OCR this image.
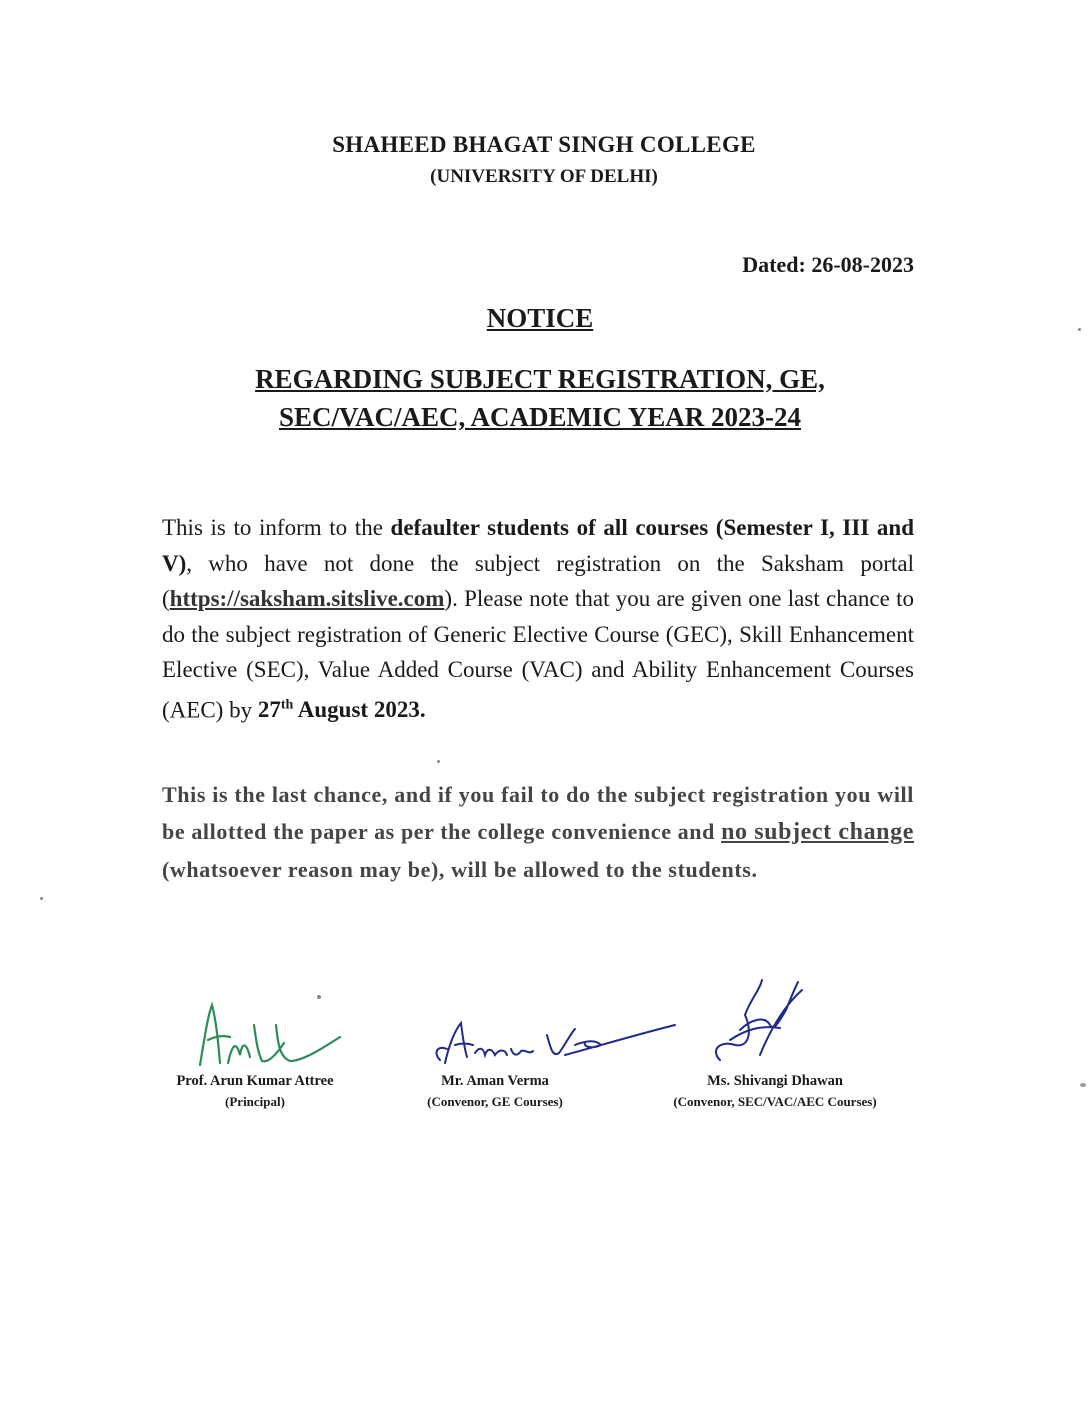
SHAHEED BHAGAT SINGH COLLEGE
(UNIVERSITY OF DELHI)
Dated: 26-08-2023
NOTICE
REGARDING SUBJECT REGISTRATION, GE,
SEC/VAC/AEC, ACADEMIC YEAR 2023-24
This is to inform to the defaulter students of all courses (Semester I, III and V), who have not done the subject registration on the Saksham portal (https://saksham.sitslive.com). Please note that you are given one last chance to do the subject registration of Generic Elective Course (GEC), Skill Enhancement Elective (SEC), Value Added Course (VAC) and Ability Enhancement Courses (AEC) by 27th August 2023.
This is the last chance, and if you fail to do the subject registration you will be allotted the paper as per the college convenience and no subject change (whatsoever reason may be), will be allowed to the students.
Prof. Arun Kumar Attree
(Principal)
Mr. Aman Verma
(Convenor, GE Courses)
Ms. Shivangi Dhawan
(Convenor, SEC/VAC/AEC Courses)
